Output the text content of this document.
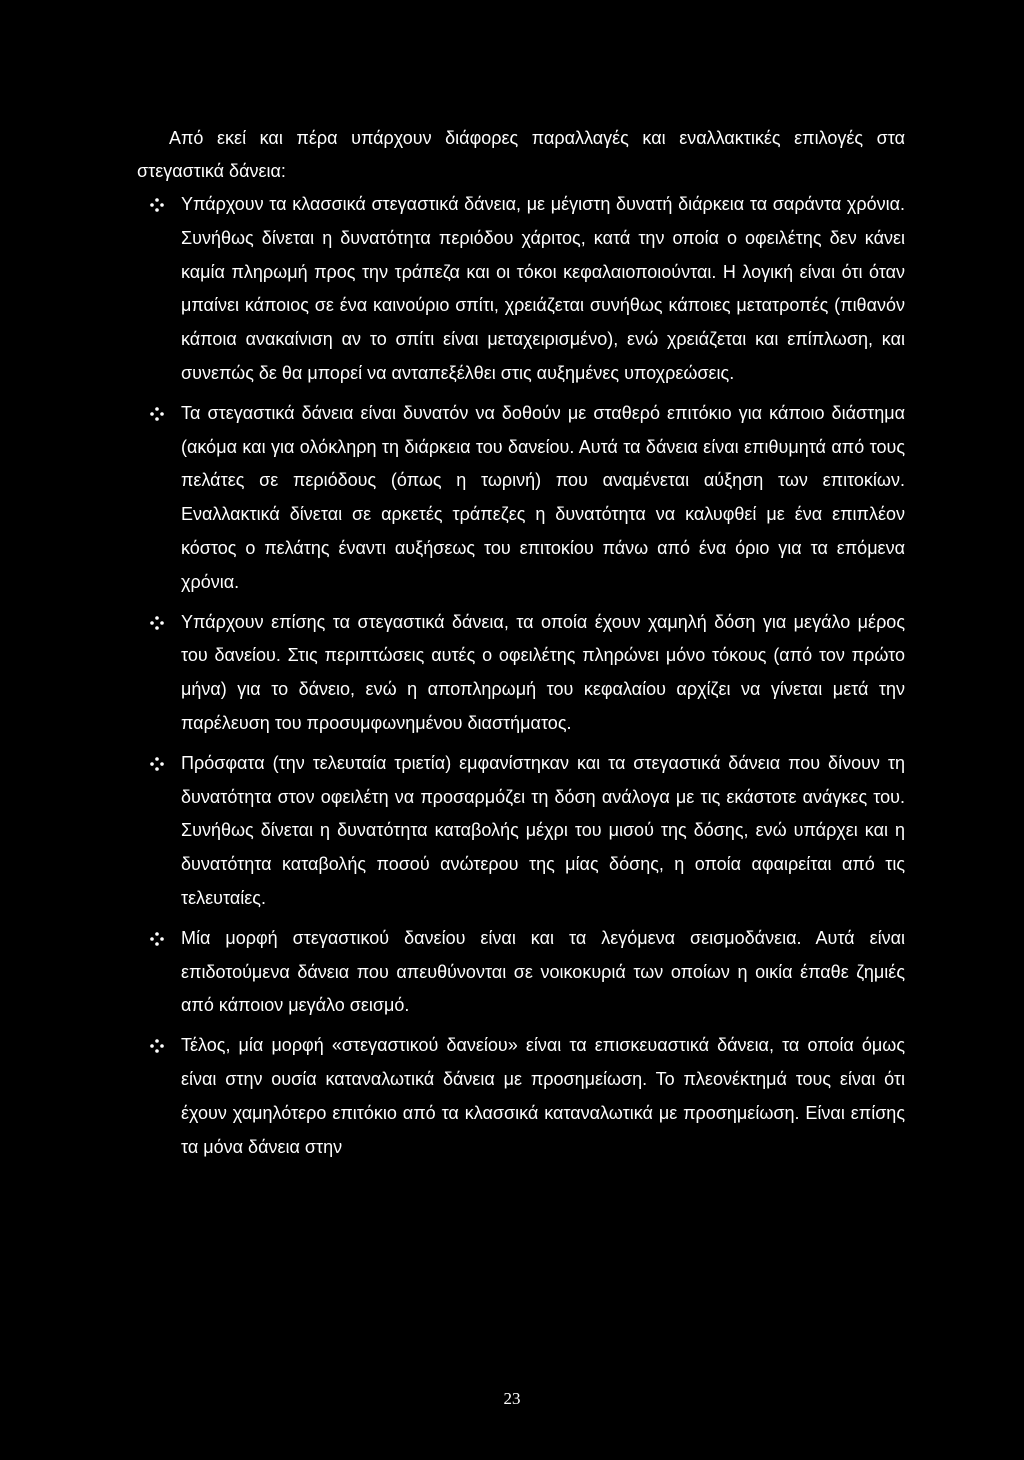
Από εκεί και πέρα υπάρχουν διάφορες παραλλαγές και εναλλακτικές επιλογές στα στεγαστικά δάνεια:

Υπάρχουν τα κλασσικά στεγαστικά δάνεια, με μέγιστη δυνατή διάρκεια τα σαράντα χρόνια. Συνήθως δίνεται η δυνατότητα περιόδου χάριτος, κατά την οποία ο οφειλέτης δεν κάνει καμία πληρωμή προς την τράπεζα και οι τόκοι κεφαλαιοποιούνται. Η λογική είναι ότι όταν μπαίνει κάποιος σε ένα καινούριο σπίτι, χρειάζεται συνήθως κάποιες μετατροπές (πιθανόν κάποια ανακαίνιση αν το σπίτι είναι μεταχειρισμένο), ενώ χρειάζεται και επίπλωση, και συνεπώς δε θα μπορεί να ανταπεξέλθει στις αυξημένες υποχρεώσεις.
Τα στεγαστικά δάνεια είναι δυνατόν να δοθούν με σταθερό επιτόκιο για κάποιο διάστημα (ακόμα και για ολόκληρη τη διάρκεια του δανείου. Αυτά τα δάνεια είναι επιθυμητά από τους πελάτες σε περιόδους (όπως η τωρινή) που αναμένεται αύξηση των επιτοκίων. Εναλλακτικά δίνεται σε αρκετές τράπεζες η δυνατότητα να καλυφθεί με ένα επιπλέον κόστος ο πελάτης έναντι αυξήσεως του επιτοκίου πάνω από ένα όριο για τα επόμενα χρόνια.
Υπάρχουν επίσης τα στεγαστικά δάνεια, τα οποία έχουν χαμηλή δόση για μεγάλο μέρος του δανείου. Στις περιπτώσεις αυτές ο οφειλέτης πληρώνει μόνο τόκους (από τον πρώτο μήνα) για το δάνειο, ενώ η αποπληρωμή του κεφαλαίου αρχίζει να γίνεται μετά την παρέλευση του προσυμφωνημένου διαστήματος.
Πρόσφατα (την τελευταία τριετία) εμφανίστηκαν και τα στεγαστικά δάνεια που δίνουν τη δυνατότητα στον οφειλέτη να προσαρμόζει τη δόση ανάλογα με τις εκάστοτε ανάγκες του. Συνήθως δίνεται η δυνατότητα καταβολής μέχρι του μισού της δόσης, ενώ υπάρχει και η δυνατότητα καταβολής ποσού ανώτερου της μίας δόσης, η οποία αφαιρείται από τις τελευταίες.
Μία μορφή στεγαστικού δανείου είναι και τα λεγόμενα σεισμοδάνεια. Αυτά είναι επιδοτούμενα δάνεια που απευθύνονται σε νοικοκυριά των οποίων η οικία έπαθε ζημιές από κάποιον μεγάλο σεισμό.
Τέλος, μία μορφή «στεγαστικού δανείου» είναι τα επισκευαστικά δάνεια, τα οποία όμως είναι στην ουσία καταναλωτικά δάνεια με προσημείωση. Το πλεονέκτημά τους είναι ότι έχουν χαμηλότερο επιτόκιο από τα κλασσικά καταναλωτικά με προσημείωση. Είναι επίσης τα μόνα δάνεια στην
23
